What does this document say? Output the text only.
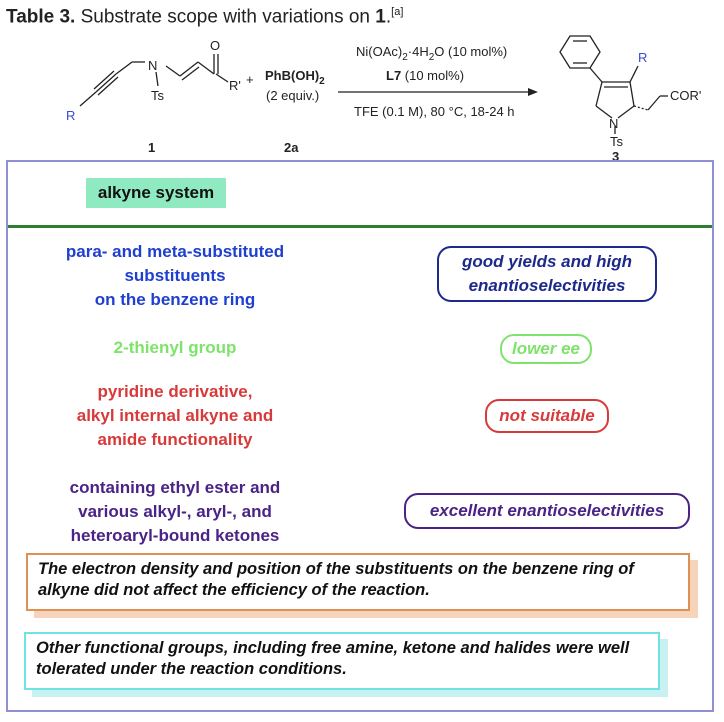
Table 3. Substrate scope with variations on 1.[a]
R
N
Ts
O
R'
1
+ $PhB(OH)_2$
(2 equiv.)
2a
$Ni(OAc)_2\cdot 4H_2O$ (10 mol%)
L7 (10 mol%)
TFE (0.1 M), 80 °C, 18-24 h
R
COR'
N
Ts
3
alkyne system
para- and meta-substituted
substituents
on the benzene ring
good yields and high
enantioselectivities
2-thienyl group	lower ee
pyridine derivative,
alkyl internal alkyne and
amide functionality
not suitable
containing ethyl ester and
various alkyl-, aryl-, and
heteroaryl-bound ketones
excellent enantioselectivities
The electron density and position of the substituents on the benzene ring of alkyne did not affect the efficiency of the reaction.
Other functional groups, including free amine, ketone and halides were well tolerated under the reaction conditions.
